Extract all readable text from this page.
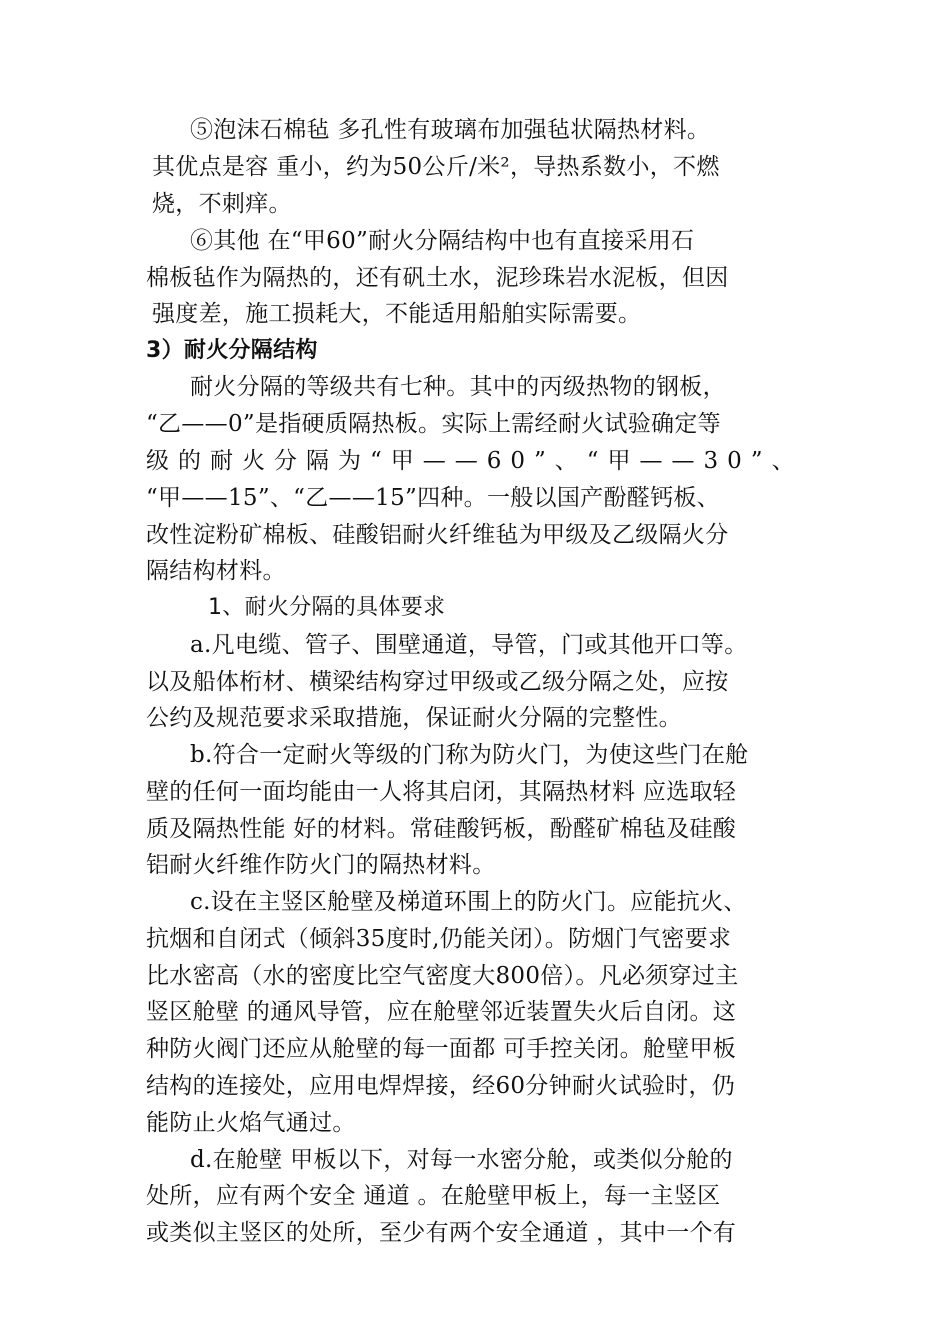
⑤泡沫石棉毡 多孔性有玻璃布加强毡状隔热材料。
其优点是容 重小，约为50公斤/米²，导热系数小，不燃
烧，不刺痒。
⑥其他 在“甲60”耐火分隔结构中也有直接采用石
棉板毡作为隔热的，还有矾土水，泥珍珠岩水泥板，但因
强度差，施工损耗大，不能适用船舶实际需要。
3）耐火分隔结构
耐火分隔的等级共有七种。其中的丙级热物的钢板，
“乙——0”是指硬质隔热板。实际上需经耐火试验确定等
级的耐火分隔为“甲——60”、“甲——30”、
“甲——15”、“乙——15”四种。一般以国产酚醛钙板、
改性淀粉矿棉板、硅酸铝耐火纤维毡为甲级及乙级隔火分
隔结构材料。
1、耐火分隔的具体要求
a.凡电缆、管子、围壁通道，导管，门或其他开口等。
以及船体桁材、横梁结构穿过甲级或乙级分隔之处，应按
公约及规范要求采取措施，保证耐火分隔的完整性。
b.符合一定耐火等级的门称为防火门，为使这些门在舱
壁的任何一面均能由一人将其启闭，其隔热材料 应选取轻
质及隔热性能 好的材料。常硅酸钙板，酚醛矿棉毡及硅酸
铝耐火纤维作防火门的隔热材料。
c.设在主竖区舱壁及梯道环围上的防火门。应能抗火、
抗烟和自闭式（倾斜35度时,仍能关闭）。防烟门气密要求
比水密高（水的密度比空气密度大800倍）。凡必须穿过主
竖区舱壁 的通风导管，应在舱壁邻近装置失火后自闭。这
种防火阀门还应从舱壁的每一面都 可手控关闭。舱壁甲板
结构的连接处，应用电焊焊接，经60分钟耐火试验时，仍
能防止火焰气通过。
d.在舱壁 甲板以下，对每一水密分舱，或类似分舱的
处所，应有两个安全 通道 。在舱壁甲板上，每一主竖区
或类似主竖区的处所，至少有两个安全通道 ，其中一个有
